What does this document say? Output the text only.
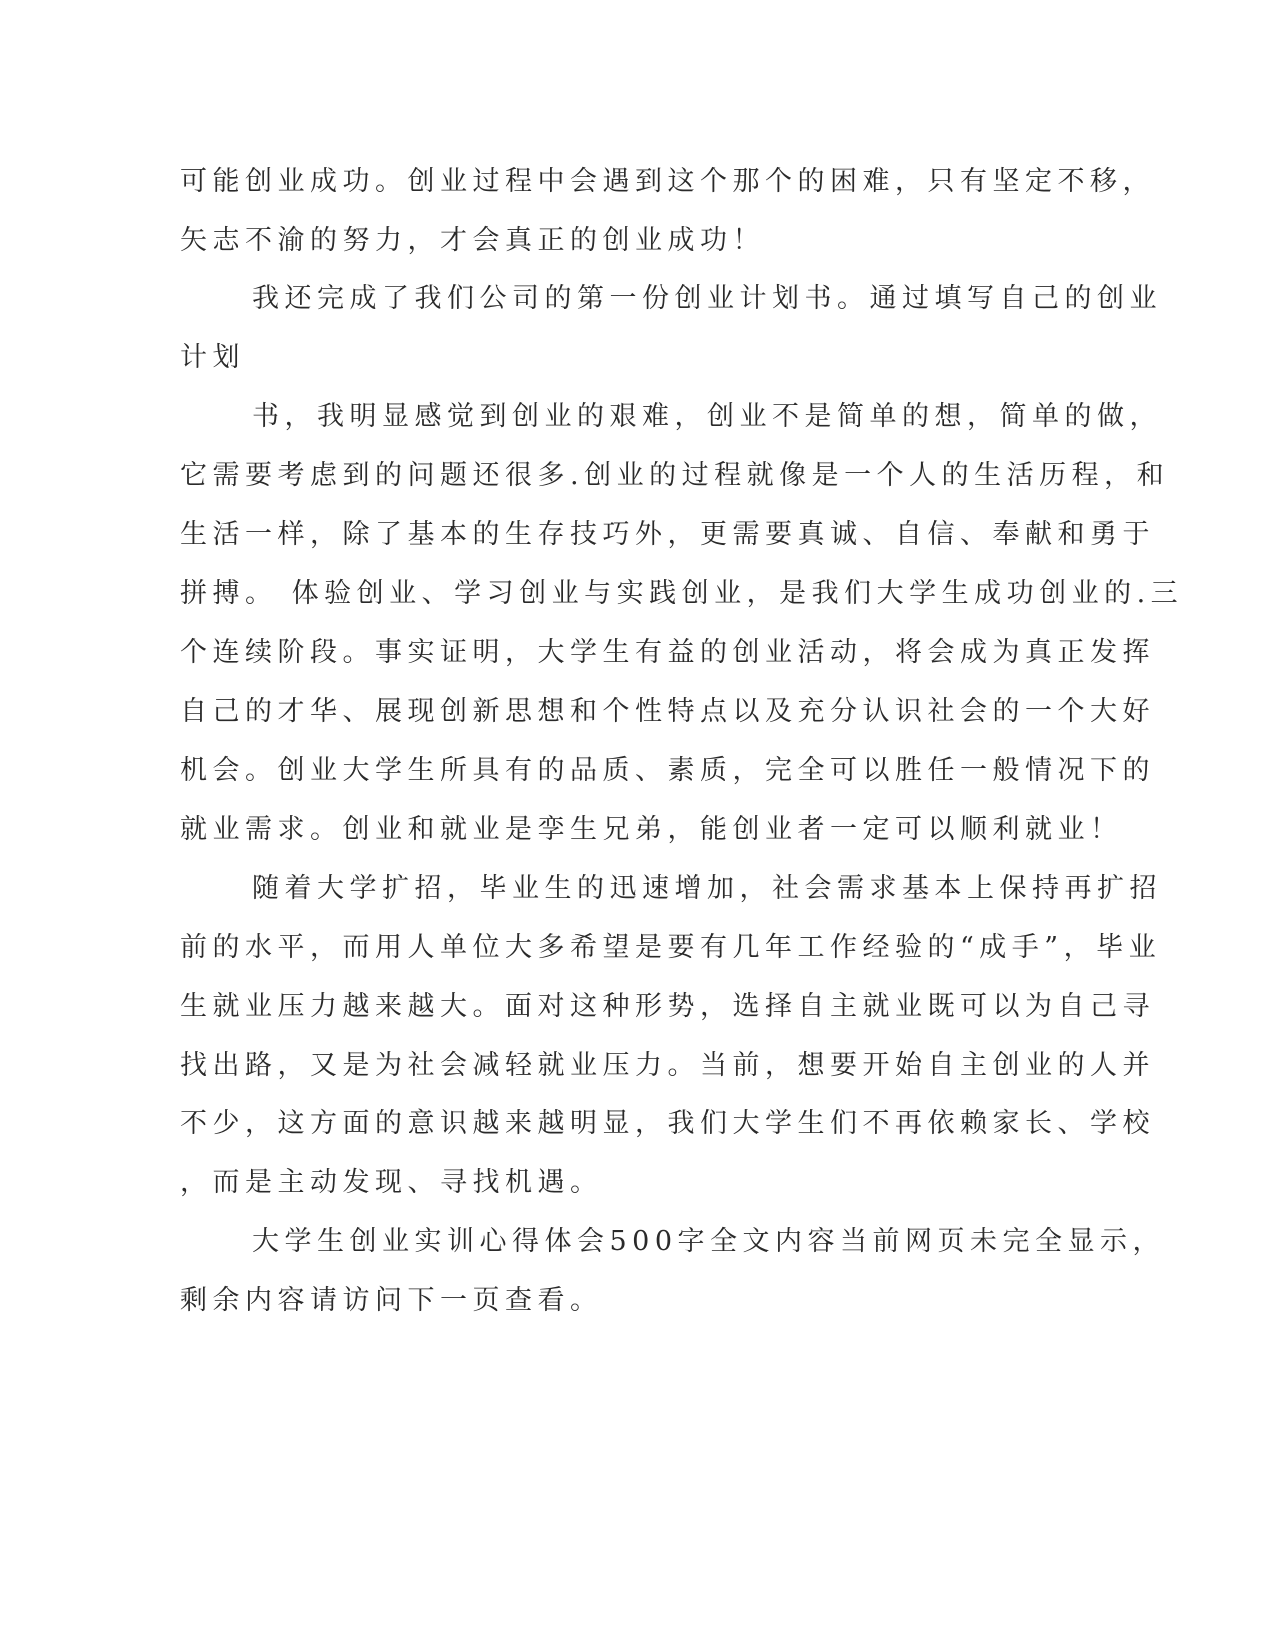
可能创业成功。创业过程中会遇到这个那个的困难，只有坚定不移，

矢志不渝的努力，才会真正的创业成功！

我还完成了我们公司的第一份创业计划书。通过填写自己的创业

计划

书，我明显感觉到创业的艰难，创业不是简单的想，简单的做，

它需要考虑到的问题还很多.创业的过程就像是一个人的生活历程，和

生活一样，除了基本的生存技巧外，更需要真诚、自信、奉献和勇于

拼搏。 体验创业、学习创业与实践创业，是我们大学生成功创业的.三

个连续阶段。事实证明，大学生有益的创业活动，将会成为真正发挥

自己的才华、展现创新思想和个性特点以及充分认识社会的一个大好

机会。创业大学生所具有的品质、素质，完全可以胜任一般情况下的

就业需求。创业和就业是孪生兄弟，能创业者一定可以顺利就业！

随着大学扩招，毕业生的迅速增加，社会需求基本上保持再扩招

前的水平，而用人单位大多希望是要有几年工作经验的“成手”，毕业

生就业压力越来越大。面对这种形势，选择自主就业既可以为自己寻

找出路，又是为社会减轻就业压力。当前，想要开始自主创业的人并

不少，这方面的意识越来越明显，我们大学生们不再依赖家长、学校

，而是主动发现、寻找机遇。

大学生创业实训心得体会500字全文内容当前网页未完全显示，

剩余内容请访问下一页查看。
